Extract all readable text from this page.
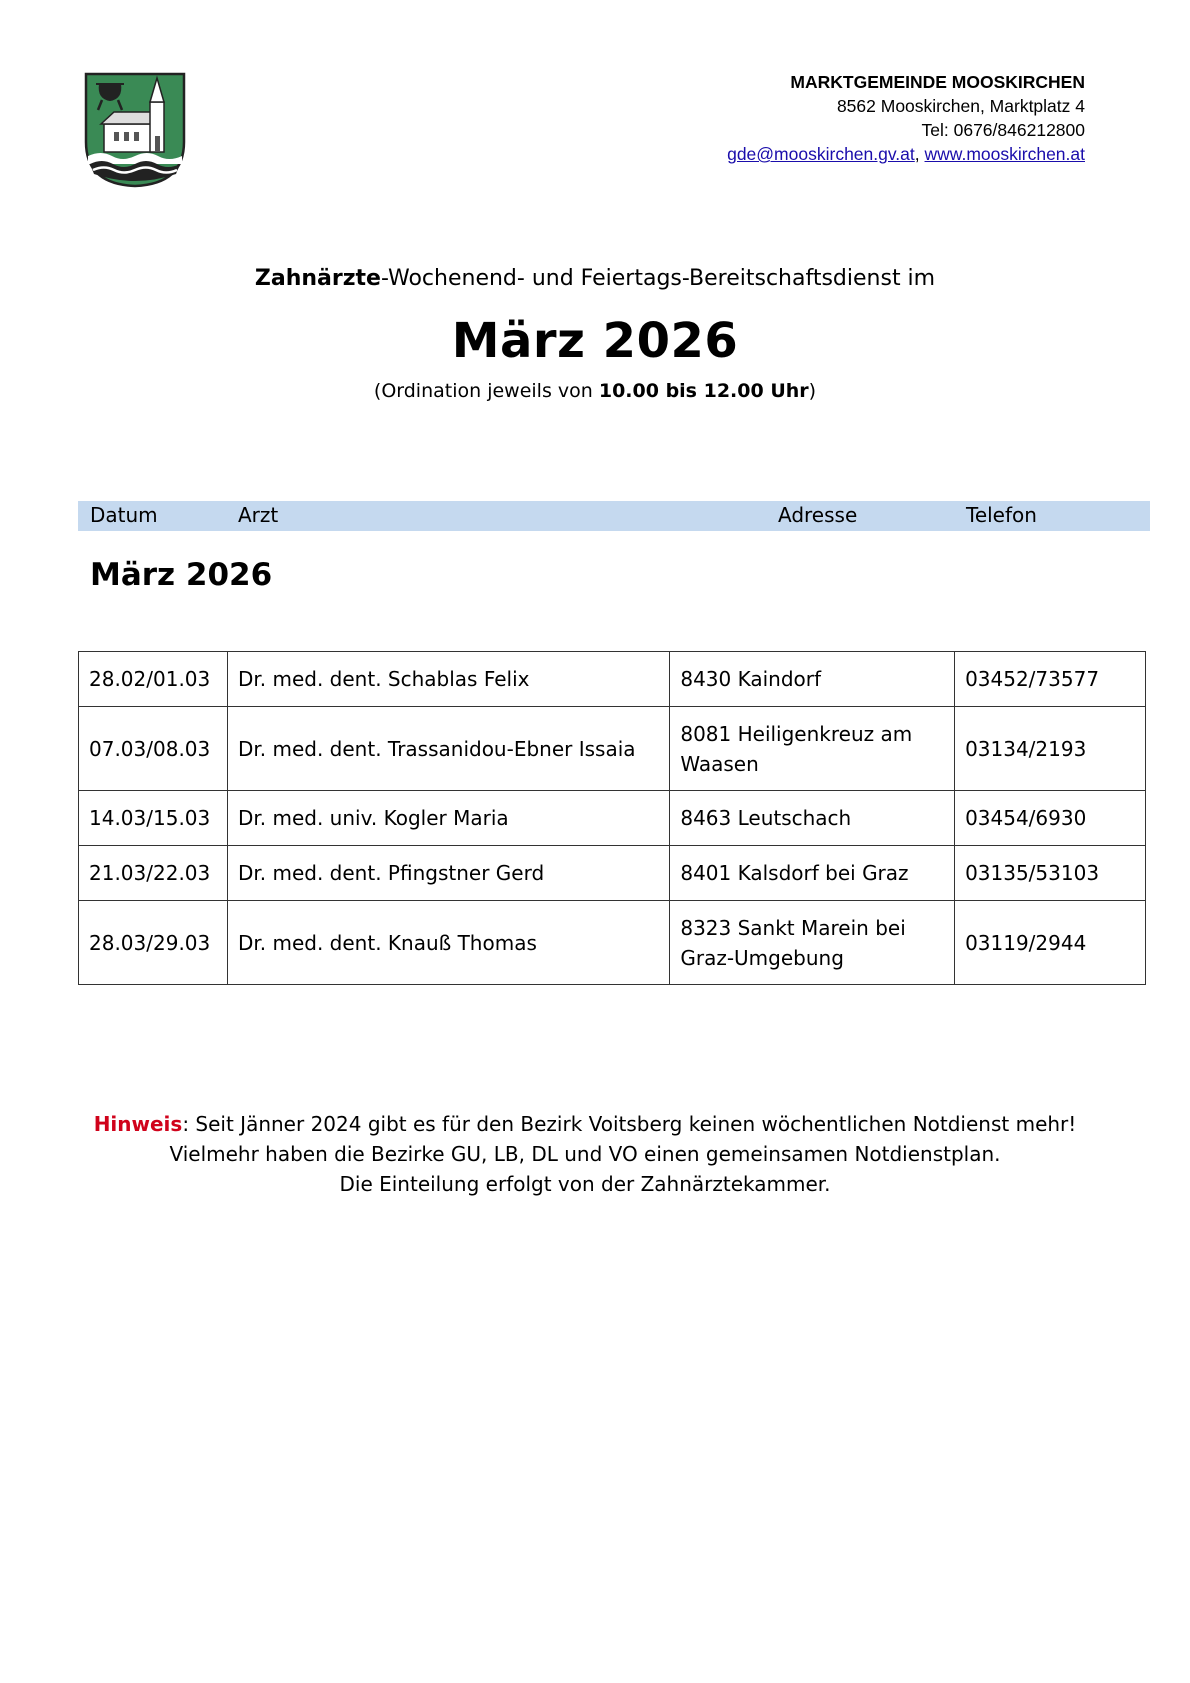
MARKTGEMEINDE MOOSKIRCHEN
8562 Mooskirchen, Marktplatz 4
Tel: 0676/846212800
gde@mooskirchen.gv.at, www.mooskirchen.at
Zahnärzte-Wochenend- und Feiertags-Bereitschaftsdienst im
März 2026
(Ordination jeweils von 10.00 bis 12.00 Uhr)
Datum	Arzt	Adresse	Telefon
März 2026
28.02/01.03	Dr. med. dent. Schablas Felix	8430 Kaindorf	03452/73577
07.03/08.03	Dr. med. dent. Trassanidou-Ebner Issaia	8081 Heiligenkreuz am Waasen	03134/2193
14.03/15.03	Dr. med. univ. Kogler Maria	8463 Leutschach	03454/6930
21.03/22.03	Dr. med. dent. Pfingstner Gerd	8401 Kalsdorf bei Graz	03135/53103
28.03/29.03	Dr. med. dent. Knauß Thomas	8323 Sankt Marein bei Graz-Umgebung	03119/2944
Hinweis: Seit Jänner 2024 gibt es für den Bezirk Voitsberg keinen wöchentlichen Notdienst mehr!
Vielmehr haben die Bezirke GU, LB, DL und VO einen gemeinsamen Notdienstplan.
Die Einteilung erfolgt von der Zahnärztekammer.
